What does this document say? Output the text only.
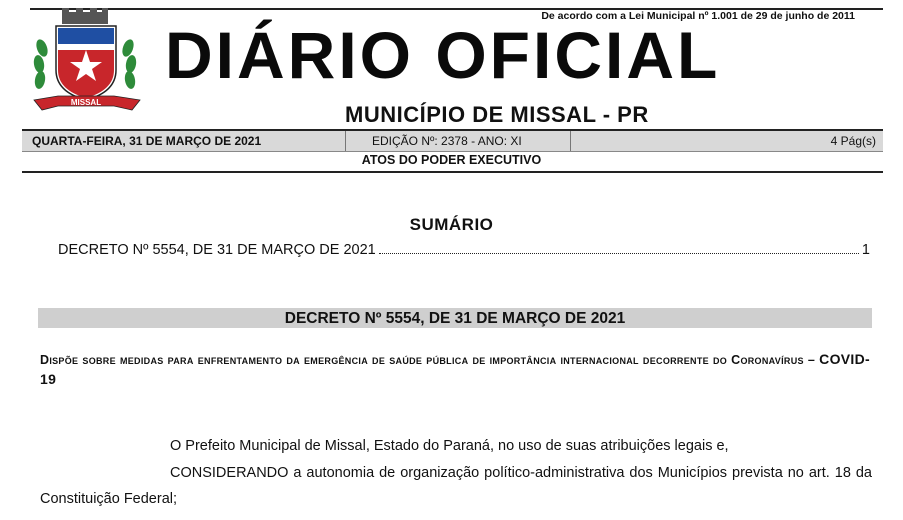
De acordo com a Lei Municipal nº 1.001 de 29 de junho de 2011
MISSAL
DIÁRIO OFICIAL
MUNICÍPIO DE MISSAL - PR
QUARTA-FEIRA, 31 DE MARÇO DE 2021	EDIÇÃO Nº: 2378 - ANO: XI	4 Pág(s)
ATOS DO PODER EXECUTIVO
SUMÁRIO
DECRETO Nº 5554, DE 31 DE MARÇO DE 2021	1
DECRETO Nº 5554, DE 31 DE MARÇO DE 2021
Dispõe sobre medidas para enfrentamento da emergência de saúde pública de importância internacional decorrente do Coronavírus – COVID-19

O Prefeito Municipal de Missal, Estado do Paraná, no uso de suas atribuições legais e,

CONSIDERANDO a autonomia de organização político-administrativa dos Municípios prevista no art. 18 da Constituição Federal;
